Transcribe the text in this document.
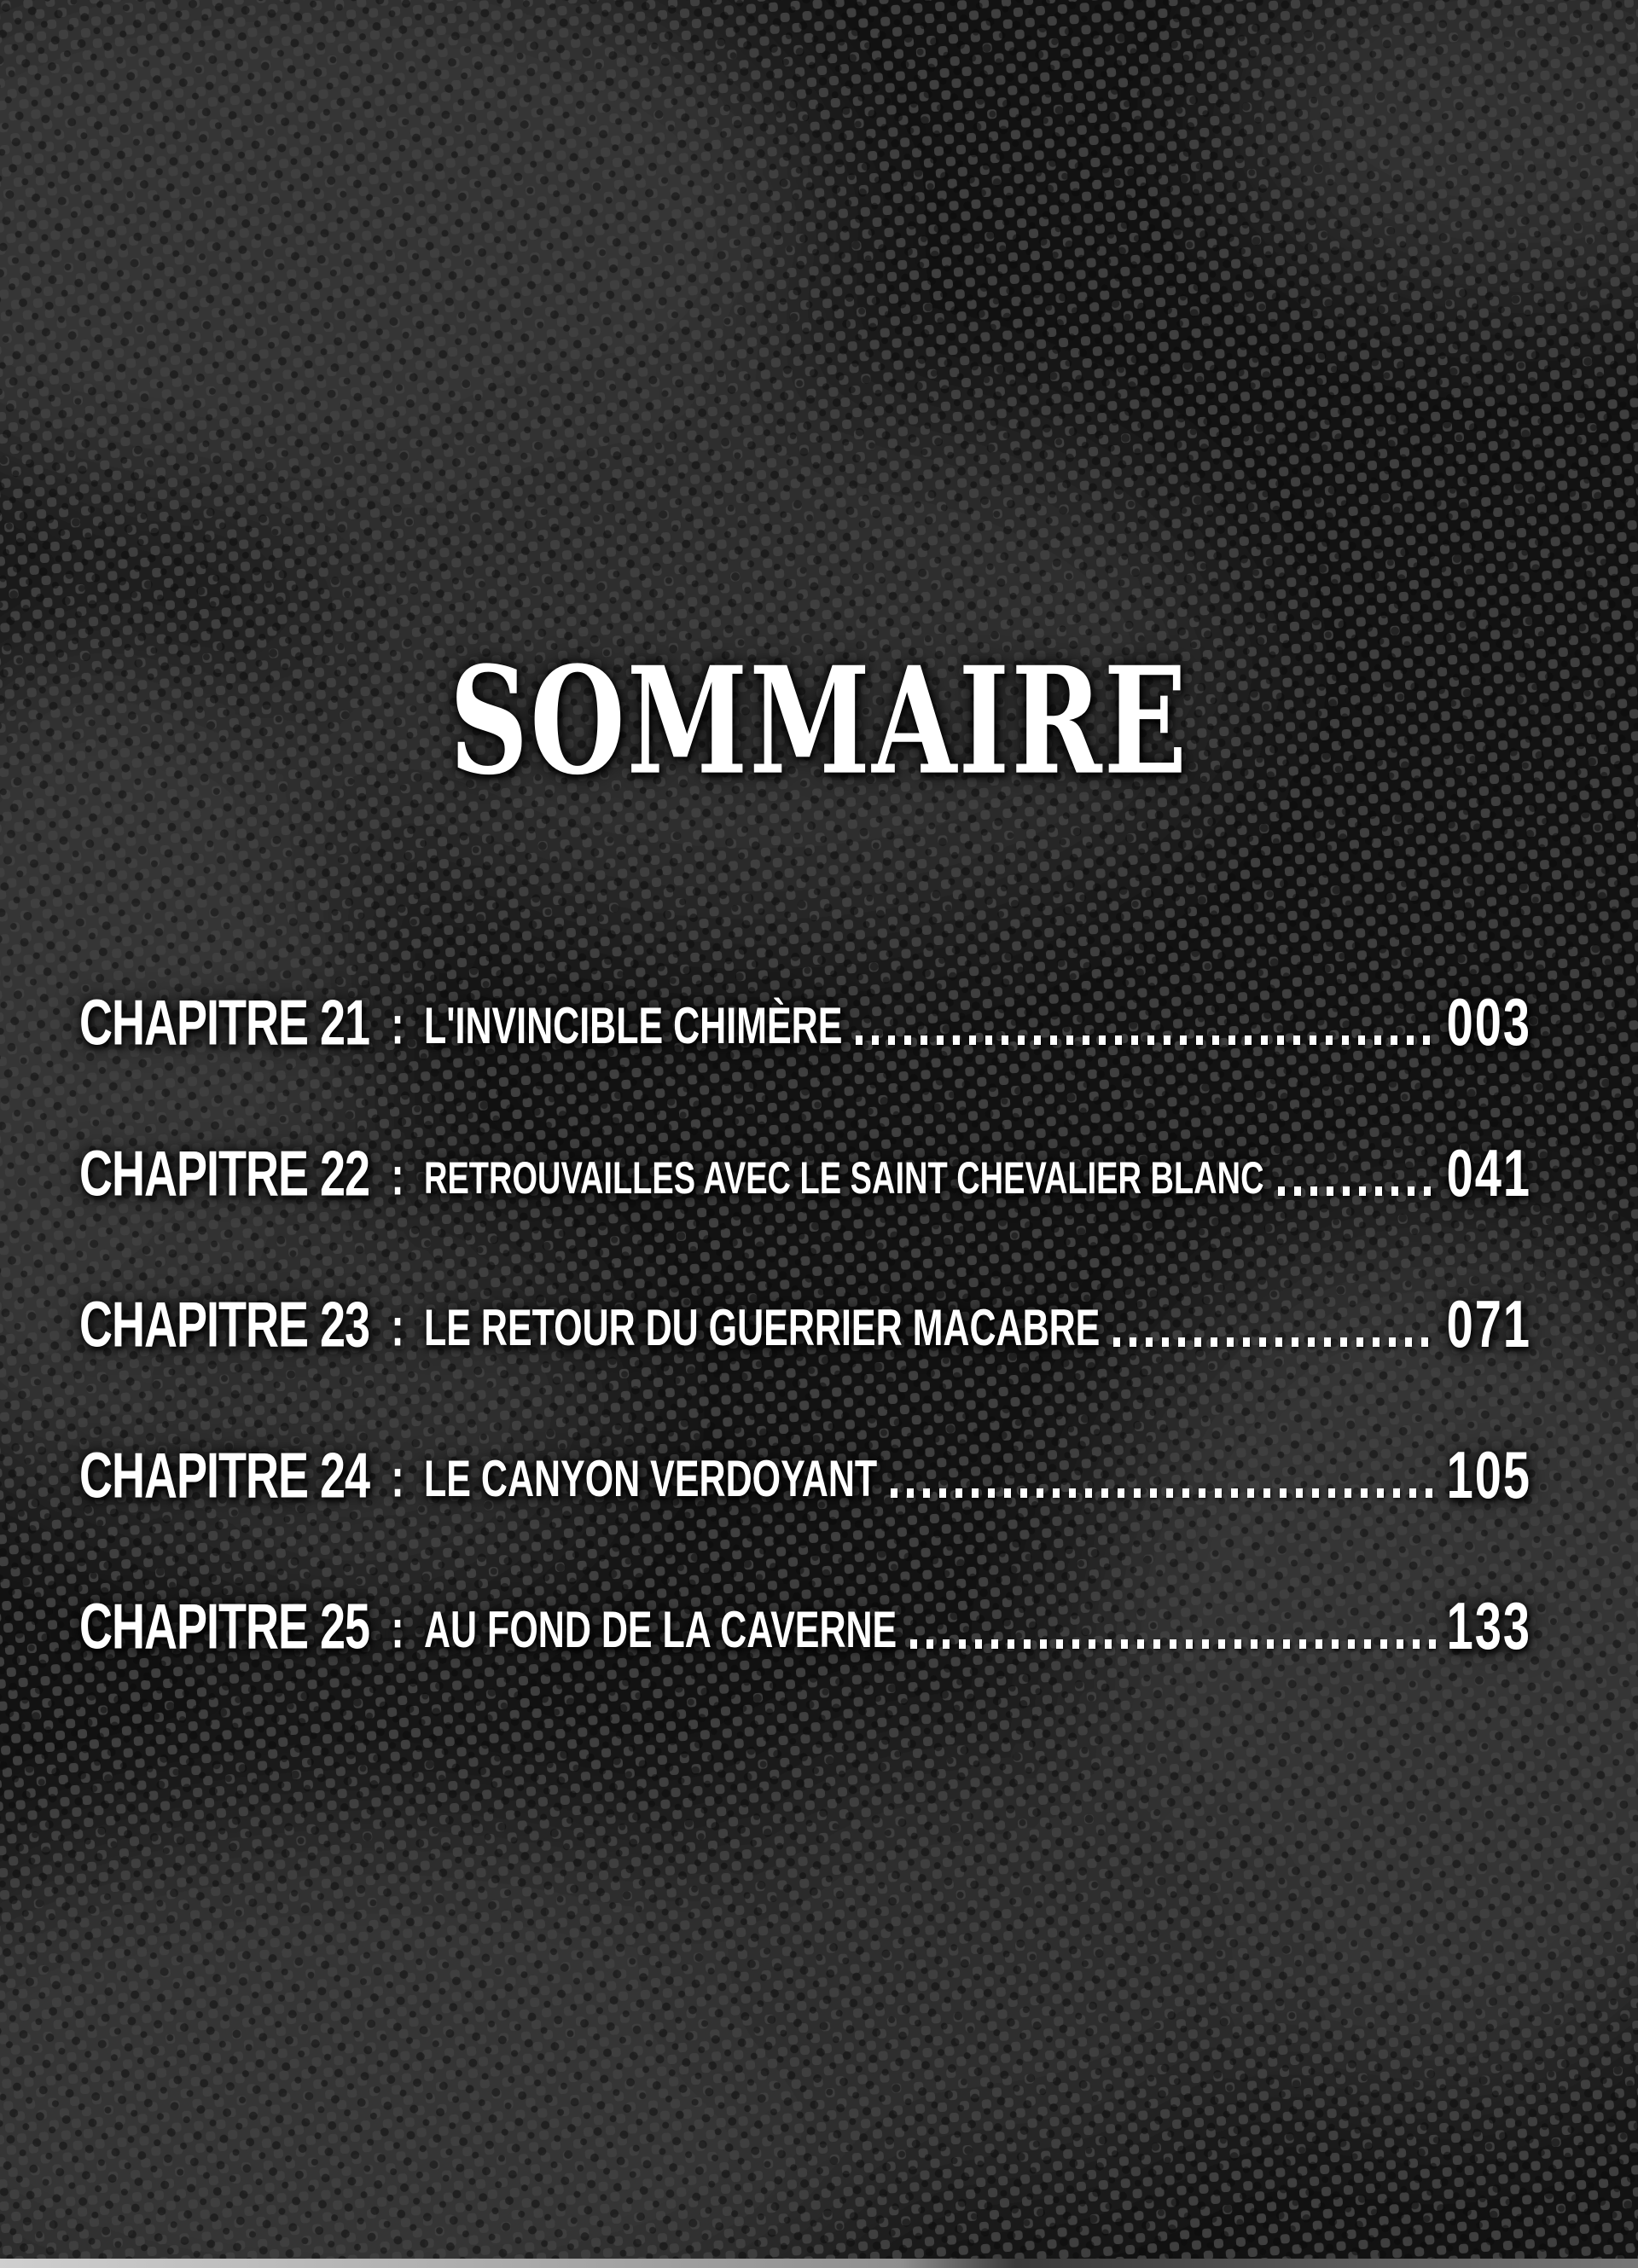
SOMMAIRE
CHAPITRE 21 : L'INVINCIBLE CHIMÈRE	003
CHAPITRE 22 : RETROUVAILLES AVEC LE SAINT CHEVALIER BLANC	041
CHAPITRE 23 : LE RETOUR DU GUERRIER MACABRE	071
CHAPITRE 24 : LE CANYON VERDOYANT	105
CHAPITRE 25 : AU FOND DE LA CAVERNE	133
